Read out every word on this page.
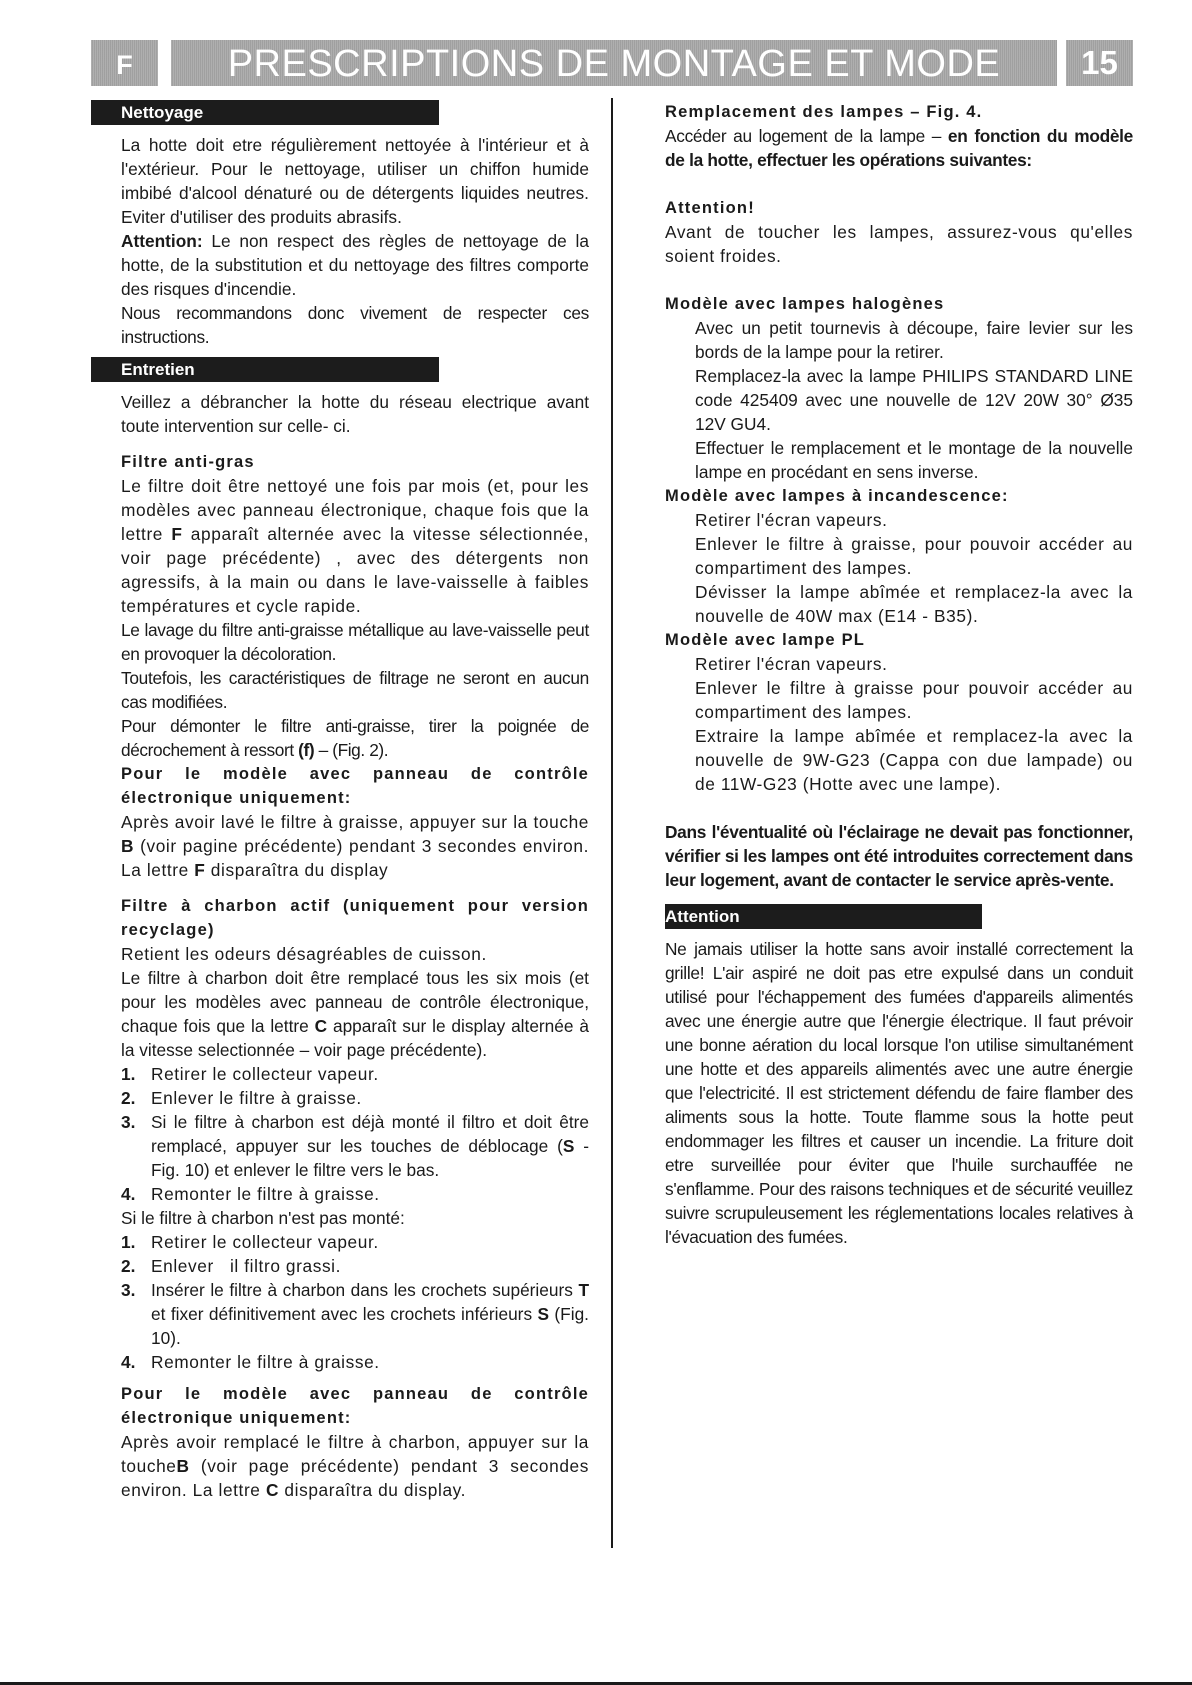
F	PRESCRIPTIONS DE MONTAGE ET MODE	15
Nettoyage

La hotte doit etre régulièrement nettoyée à l'intérieur et à l'extérieur. Pour le nettoyage, utiliser un chiffon humide imbibé d'alcool dénaturé ou de détergents liquides neutres. Eviter d'utiliser des produits abrasifs.

Attention: Le non respect des règles de nettoyage de la hotte, de la substitution et du nettoyage des filtres comporte des risques d'incendie.

Nous recommandons donc vivement de respecter ces instructions.

Entretien

Veillez a débrancher la hotte du réseau electrique avant toute intervention sur celle- ci.

Filtre anti-gras

Le filtre doit être nettoyé une fois par mois (et, pour les modèles avec panneau électronique, chaque fois que la lettre F apparaît alternée avec la vitesse sélectionnée, voir page précédente) , avec des détergents non agressifs, à la main ou dans le lave-vaisselle à faibles températures et cycle rapide.

Le lavage du filtre anti-graisse métallique au lave-vaisselle peut en provoquer la décoloration.

Toutefois, les caractéristiques de filtrage ne seront en aucun cas modifiées.

Pour démonter le filtre anti-graisse, tirer la poignée de décrochement à ressort (f) – (Fig. 2).

Pour le modèle avec panneau de contrôle électronique uniquement:

Après avoir lavé le filtre à graisse, appuyer sur la touche B (voir pagine précédente) pendant 3 secondes environ. La lettre F disparaîtra du display

Filtre à charbon actif (uniquement pour version recyclage)

Retient les odeurs désagréables de cuisson.

Le filtre à charbon doit être remplacé tous les six mois (et pour les modèles avec panneau de contrôle électronique, chaque fois que la lettre C apparaît sur le display alternée à la vitesse selectionnée – voir page précédente).

1. Retirer le collecteur vapeur.
2. Enlever le filtre à graisse.
3. Si le filtre à charbon est déjà monté il filtro et doit être remplacé, appuyer sur les touches de déblocage (S - Fig. 10) et enlever le filtre vers le bas.
4. Remonter le filtre à graisse.

Si le filtre à charbon n'est pas monté:

1. Retirer le collecteur vapeur.
2. Enlever   il filtro grassi.
3. Insérer le filtre à charbon dans les crochets supérieurs T et fixer définitivement avec les crochets inférieurs S (Fig. 10).
4. Remonter le filtre à graisse.

Pour le modèle avec panneau de contrôle électronique uniquement:

Après avoir remplacé le filtre à charbon, appuyer sur la toucheB (voir page précédente) pendant 3 secondes environ. La lettre C disparaîtra du display.

Remplacement des lampes – Fig. 4.

Accéder au logement de la lampe – en fonction du modèle de la hotte, effectuer les opérations suivantes:

Attention!

Avant de toucher les lampes, assurez-vous qu'elles soient froides.

Modèle avec lampes halogènes

Avec un petit tournevis à découpe, faire levier sur les bords de la lampe pour la retirer.

Remplacez-la avec la lampe PHILIPS STANDARD LINE code 425409 avec une nouvelle de 12V 20W 30° Ø35 12V GU4.

Effectuer le remplacement et le montage de la nouvelle lampe en procédant en sens inverse.

Modèle avec lampes à incandescence:

Retirer l'écran vapeurs.

Enlever le filtre à graisse, pour pouvoir accéder au compartiment des lampes.

Dévisser la lampe abîmée et remplacez-la avec la nouvelle de 40W max (E14 - B35).

Modèle avec lampe PL

Retirer l'écran vapeurs.

Enlever le filtre à graisse pour pouvoir accéder au compartiment des lampes.

Extraire la lampe abîmée et remplacez-la avec la nouvelle de 9W-G23 (Cappa con due lampade) ou de 11W-G23 (Hotte avec une lampe).

Dans l'éventualité où l'éclairage ne devait pas fonctionner, vérifier si les lampes ont été introduites correctement dans leur logement, avant de contacter le service après-vente.

Attention

Ne jamais utiliser la hotte sans avoir installé correctement la grille! L'air aspiré ne doit pas etre expulsé dans un conduit utilisé pour l'échappement des fumées d'appareils alimentés avec une énergie autre que l'énergie électrique. Il faut prévoir une bonne aération du local lorsque l'on utilise simultanément une hotte et des appareils alimentés avec une autre énergie que l'electricité. Il est strictement défendu de faire flamber des aliments sous la hotte. Toute flamme sous la hotte peut endommager les filtres et causer un incendie. La friture doit etre surveillée pour éviter que l'huile surchauffée ne s'enflamme. Pour des raisons techniques et de sécurité veuillez suivre scrupuleusement les réglementations locales relatives à l'évacuation des fumées.
